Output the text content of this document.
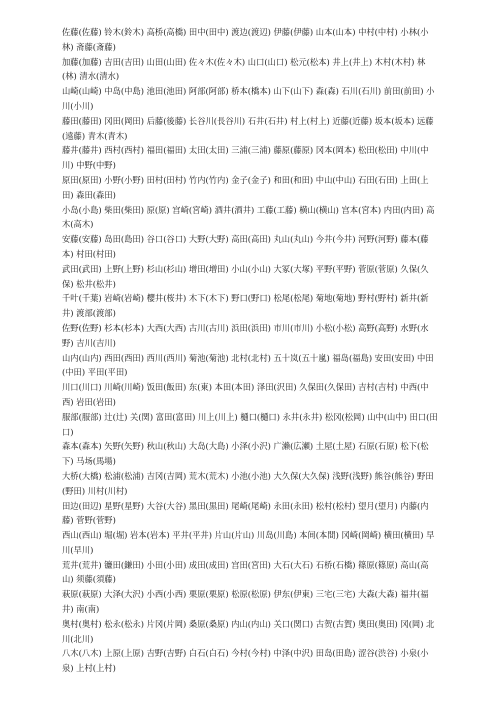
佐藤(佐藤) 铃木(鈴木) 高桥(高橋) 田中(田中) 渡边(渡辺) 伊藤(伊藤) 山本(山本) 中村(中村) 小林(小林) 斋藤(斎藤)

加藤(加藤) 吉田(吉田) 山田(山田) 佐々木(佐々木) 山口(山口) 松元(松本) 井上(井上) 木村(木村) 林(林) 清水(清水)

山崎(山崎) 中岛(中島) 池田(池田) 阿部(阿部) 桥本(橋本) 山下(山下) 森(森) 石川(石川) 前田(前田) 小川(小川)

藤田(藤田) 冈田(岡田) 后藤(後藤) 长谷川(長谷川) 石井(石井) 村上(村上) 近藤(近藤) 坂本(坂本) 远藤(遠藤) 青木(青木)

藤井(藤井) 西村(西村) 福田(福田) 太田(太田) 三浦(三浦) 藤原(藤原) 冈本(岡本) 松田(松田) 中川(中川) 中野(中野)

原田(原田) 小野(小野) 田村(田村) 竹内(竹内) 金子(金子) 和田(和田) 中山(中山) 石田(石田) 上田(上田) 森田(森田)

小岛(小島) 柴田(柴田) 原(原) 宫崎(宮崎) 酒井(酒井) 工藤(工藤) 横山(横山) 宫本(宮本) 内田(内田) 高木(高木)

安藤(安藤) 岛田(島田) 谷口(谷口) 大野(大野) 高田(高田) 丸山(丸山) 今井(今井) 河野(河野) 藤本(藤本) 村田(村田)

武田(武田) 上野(上野) 杉山(杉山) 增田(増田) 小山(小山) 大冢(大塚) 平野(平野) 菅原(菅原) 久保(久保) 松井(松井)

千叶(千葉) 岩崎(岩崎) 樱井(桜井) 木下(木下) 野口(野口) 松尾(松尾) 菊地(菊地) 野村(野村) 新井(新井) 渡部(渡部)

佐野(佐野) 杉本(杉本) 大西(大西) 古川(古川) 浜田(浜田) 市川(市川) 小松(小松) 高野(高野) 水野(水野) 吉川(吉川)

山内(山内) 西田(西田) 西川(西川) 菊池(菊池) 北村(北村) 五十岚(五十嵐) 福岛(福島) 安田(安田) 中田(中田) 平田(平田)

川口(川口) 川崎(川崎) 饭田(飯田) 东(東) 本田(本田) 泽田(沢田) 久保田(久保田) 吉村(吉村) 中西(中西) 岩田(岩田)

服部(服部) 辻(辻) 关(関) 富田(富田) 川上(川上) 樋口(樋口) 永井(永井) 松冈(松岡) 山中(山中) 田口(田口)

森本(森本) 矢野(矢野) 秋山(秋山) 大岛(大島) 小泽(小沢) 广濑(広瀬) 土屋(土屋) 石原(石原) 松下(松下) 马场(馬場)

大桥(大橋) 松浦(松浦) 吉冈(吉岡) 荒木(荒木) 小池(小池) 大久保(大久保) 浅野(浅野) 熊谷(熊谷) 野田(野田) 川村(川村)

田边(田辺) 星野(星野) 大谷(大谷) 黑田(黒田) 尾崎(尾崎) 永田(永田) 松村(松村) 望月(望月) 内藤(内藤) 菅野(菅野)

西山(西山) 堀(堀) 岩本(岩本) 平井(平井) 片山(片山) 川岛(川島) 本间(本間) 冈崎(岡崎) 横田(横田) 早川(早川)

荒井(荒井) 镰田(鎌田) 小田(小田) 成田(成田) 宫田(宮田) 大石(大石) 石桥(石橋) 篠原(篠原) 高山(高山) 须藤(須藤)

萩原(萩原) 大泽(大沢) 小西(小西) 栗原(栗原) 松原(松原) 伊东(伊東) 三宅(三宅) 大森(大森) 福井(福井) 南(南)

奥村(奥村) 松永(松永) 片冈(片岡) 桑原(桑原) 内山(内山) 关口(関口) 古贺(古賀) 奥田(奥田) 冈(岡) 北川(北川)

八木(八木) 上原(上原) 吉野(吉野) 白石(白石) 今村(今村) 中泽(中沢) 田岛(田島) 涩谷(渋谷) 小泉(小泉) 上村(上村)
